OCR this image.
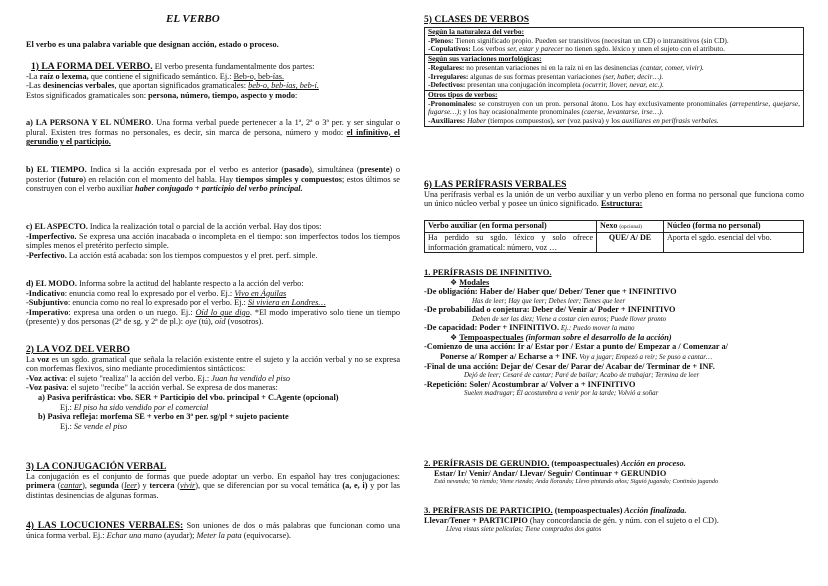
EL VERBO
El verbo es una palabra variable que designan acción, estado o proceso.
1) LA FORMA DEL VERBO. El verbo presenta fundamentalmente dos partes:
-La raíz o lexema, que contiene el significado semántico. Ej.: Beb-o, beb-ías.
-Las desinencias verbales, que aportan significados gramaticales: beb-o, beb-ías, beb-í.
Estos significados gramaticales son: persona, número, tiempo, aspecto y modo:
a) LA PERSONA Y EL NÚMERO. Una forma verbal puede pertenecer a la 1ª, 2ª o 3ª per. y ser singular o plural. Existen tres formas no personales, es decir, sin marca de persona, número y modo: el infinitivo, el gerundio y el participio.
b) EL TIEMPO. Indica si la acción expresada por el verbo es anterior (pasado), simultánea (presente) o posterior (futuro) en relación con el momento del habla. Hay tiempos simples y compuestos; estos últimos se construyen con el verbo auxiliar haber conjugado + participio del verbo principal.
c) EL ASPECTO. Indica la realización total o parcial de la acción verbal. Hay dos tipos:
-Imperfectivo. Se expresa una acción inacabada o incompleta en el tiempo: son imperfectos todos los tiempos simples menos el pretérito perfecto simple.
-Perfectivo. La acción está acabada: son los tiempos compuestos y el pret. perf. simple.
d) EL MODO. Informa sobre la actitud del hablante respecto a la acción del verbo:
-Indicativo: enuncia como real lo expresado por el verbo. Ej.: Vivo en Águilas
-Subjuntivo: enuncia como no real lo expresado por el verbo. Ej.: Si viviera en Londres…
-Imperativo: expresa una orden o un ruego. Ej.: Oíd lo que digo. *El modo imperativo solo tiene un tiempo (presente) y dos personas (2ª de sg. y 2ª de pl.): oye (tú), oíd (vosotros).
2) LA VOZ DEL VERBO
La voz es un sgdo. gramatical que señala la relación existente entre el sujeto y la acción verbal y no se expresa con morfemas flexivos, sino mediante procedimientos sintácticos:
-Voz activa: el sujeto "realiza" la acción del verbo. Ej.: Juan ha vendido el piso
-Voz pasiva: el sujeto "recibe" la acción verbal. Se expresa de dos maneras:
a) Pasiva perifrástica: vbo. SER + Participio del vbo. principal + C.Agente (opcional)
Ej.: El piso ha sido vendido por el comercial
b) Pasiva refleja: morfema SE + verbo en 3ª per. sg/pl + sujeto paciente
Ej.: Se vende el piso
3) LA CONJUGACIÓN VERBAL
La conjugación es el conjunto de formas que puede adoptar un verbo. En español hay tres conjugaciones: primera (cantar), segunda (leer) y tercera (vivir), que se diferencian por su vocal temática (a, e, i) y por las distintas desinencias de algunas formas.
4) LAS LOCUCIONES VERBALES: Son uniones de dos o más palabras que funcionan como una única forma verbal. Ej.: Echar una mano (ayudar); Meter la pata (equivocarse).
5) CLASES DE VERBOS
Según la naturaleza del verbo:
-Plenos: Tienen significado propio. Pueden ser transitivos (necesitan un CD) o intransitivos (sin CD).
-Copulativos: Los verbos ser, estar y parecer no tienen sgdo. léxico y unen el sujeto con el atributo.
Según sus variaciones morfológicas:
-Regulares: no presentan variaciones ni en la raíz ni en las desinencias (cantar, comer, vivir).
-Irregulares: algunas de sus formas presentan variaciones (ser, haber, decir…).
-Defectivos: presentan una conjugación incompleta (ocurrir, llover, nevar, etc.).
Otros tipos de verbos:
-Pronominales: se construyen con un pron. personal átono. Los hay exclusivamente pronominales (arrepentirse, quejarse, fugarse…); y los hay ocasionalmente pronominales (caerse, levantarse, irse…).
-Auxiliares: Haber (tiempos compuestos), ser (voz pasiva) y los auxiliares en perífrasis verbales.
6) LAS PERÍFRASIS VERBALES
Una perífrasis verbal es la unión de un verbo auxiliar y un verbo pleno en forma no personal que funciona como un único núcleo verbal y posee un único significado. Estructura:
Verbo auxiliar (en forma personal)	Nexo (opcional)	Núcleo (forma no personal)
Ha perdido su sgdo. léxico y solo ofrece información gramatical: número, voz …	QUE/ A/ DE	Aporta el sgdo. esencial del vbo.
1. PERÍFRASIS DE INFINITIVO.

❖ Modales
-De obligación: Haber de/ Haber que/ Deber/ Tener que + INFINITIVO
Has de leer; Hay que leer; Debes leer; Tienes que leer
-De probabilidad o conjetura: Deber de/ Venir a/ Poder + INFINITIVO
Deben de ser las diez; Viene a costar cien euros; Puede llover pronto
-De capacidad: Poder + INFINITIVO. Ej.: Puedo mover la mano
❖ Tempoaspectuales (informan sobre el desarrollo de la acción)
-Comienzo de una acción: Ir a/ Estar por / Estar a punto de/ Empezar a / Comenzar a/
Ponerse a/ Romper a/ Echarse a + INF. Voy a jugar; Empezó a reír; Se puso a cantar…
-Final de una acción: Dejar de/ Cesar de/ Parar de/ Acabar de/ Terminar de + INF.
Dejó de leer; Cesaré de cantar; Paré de bailar; Acabo de trabajar; Termina de leer
-Repetición: Soler/ Acostumbrar a/ Volver a + INFINITIVO
Suelen madrugar; Él acostumbra a venir por la tarde; Volvió a soñar
2. PERÍFRASIS DE GERUNDIO. (tempoaspectuales) Acción en proceso.

Estar/ Ir/ Venir/ Andar/ Llevar/ Seguir/ Continuar + GERUNDIO
Está nevando; Va riendo; Viene riendo; Anda llorando; Llevo pintando años; Siguió jugando; Continúo jugando
3. PERÍFRASIS DE PARTICIPIO. (tempoaspectuales) Acción finalizada.

Llevar/Tener + PARTICIPIO (hay concordancia de gén. y núm. con el sujeto o el CD).
Lleva vistas siete películas; Tiene comprados dos gatos
